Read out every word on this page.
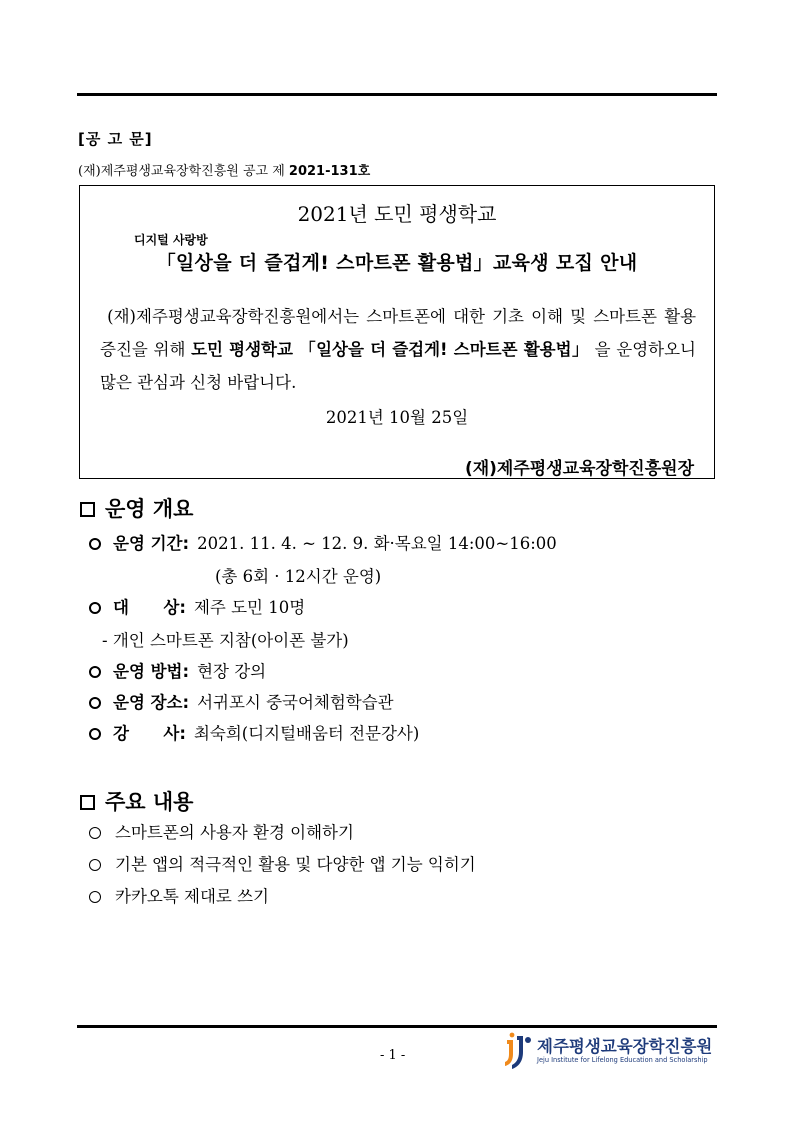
[공 고 문]
(재)제주평생교육장학진흥원 공고 제 2021-131호
2021년 도민 평생학교
디지털 사랑방
「일상을 더 즐겁게! 스마트폰 활용법」교육생 모집 안내
(재)제주평생교육장학진흥원에서는 스마트폰에 대한 기초 이해 및 스마트폰 활용 증진을 위해 도민 평생학교 「일상을 더 즐겁게! 스마트폰 활용법」 을 운영하오니 많은 관심과 신청 바랍니다.
2021년 10월 25일
(재)제주평생교육장학진흥원장
운영 개요
운영 기간: 2021. 11. 4. ~ 12. 9. 화·목요일 14:00~16:00
(총 6회 · 12시간 운영)
대      상: 제주 도민 10명
- 개인 스마트폰 지참(아이폰 불가)
운영 방법: 현장 강의
운영 장소: 서귀포시 중국어체험학습관
강      사: 최숙희(디지털배움터 전문강사)
주요 내용
스마트폰의 사용자 환경 이해하기
기본 앱의 적극적인 활용 및 다양한 앱 기능 익히기
카카오톡 제대로 쓰기
- 1 -	제주평생교육장학진흥원
Jeju Institute for Lifelong Education and Scholarship
